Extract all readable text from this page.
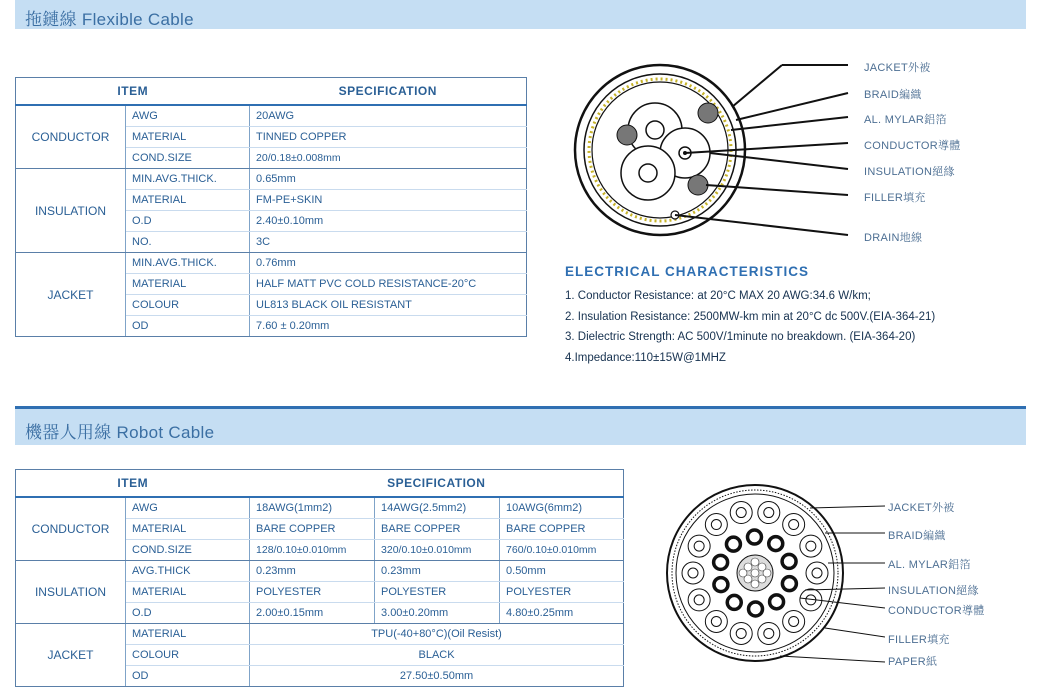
拖鏈線 Flexible Cable
ITEM		SPECIFICATION
CONDUCTOR	AWG	20AWG
	MATERIAL	TINNED COPPER
	COND.SIZE	20/0.18±0.008mm
INSULATION	MIN.AVG.THICK.	0.65mm
	MATERIAL	FM-PE+SKIN
	O.D	2.40±0.10mm
	NO.	3C
JACKET	MIN.AVG.THICK.	0.76mm
	MATERIAL	HALF MATT PVC COLD RESISTANCE-20°C
	COLOUR	UL813 BLACK OIL RESISTANT
	OD	7.60 ± 0.20mm
JACKET外被
BRAID編織
AL. MYLAR鋁箔
CONDUCTOR導體
INSULATION絕緣
FILLER填充
DRAIN地線
ELECTRICAL CHARACTERISTICS
1. Conductor Resistance: at 20°C MAX 20 AWG:34.6 W/km;
2. Insulation Resistance: 2500MW-km min at 20°C dc 500V.(EIA-364-21)
3. Dielectric Strength: AC 500V/1minute no breakdown. (EIA-364-20)
4.Impedance:110±15W@1MHZ
機器人用線 Robot Cable
ITEM		SPECIFICATION		
CONDUCTOR	AWG	18AWG(1mm2)	14AWG(2.5mm2)	10AWG(6mm2)
	MATERIAL	BARE COPPER	BARE COPPER	BARE COPPER
	COND.SIZE	128/0.10±0.010mm	320/0.10±0.010mm	760/0.10±0.010mm
INSULATION	AVG.THICK	0.23mm	0.23mm	0.50mm
	MATERIAL	POLYESTER	POLYESTER	POLYESTER
	O.D	2.00±0.15mm	3.00±0.20mm	4.80±0.25mm
JACKET	MATERIAL	TPU(-40+80°C)(Oil Resist)		
	COLOUR	BLACK		
	OD	27.50±0.50mm		
JACKET外被
BRAID編織
AL. MYLAR鋁箔
INSULATION絕緣
CONDUCTOR導體
FILLER填充
PAPER紙
